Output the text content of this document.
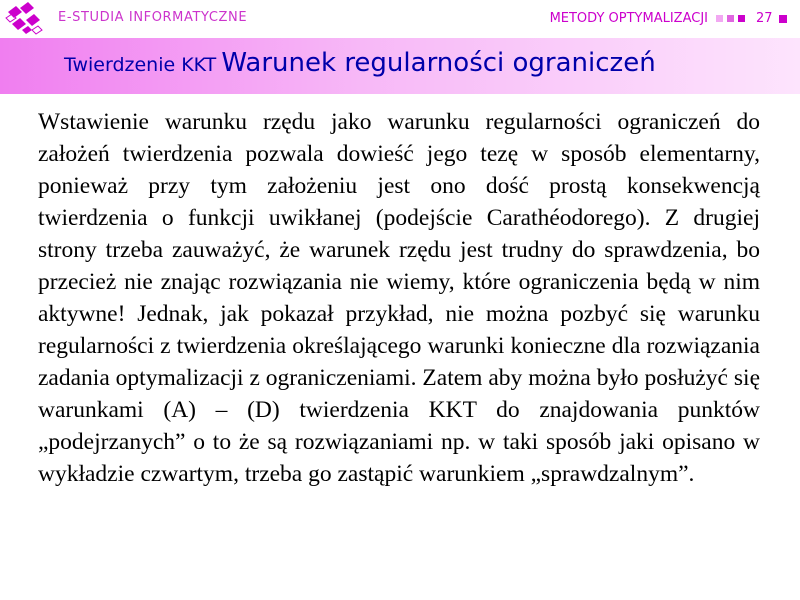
E-STUDIA INFORMATYCZNE	METODY OPTYMALIZACJI	27
Twierdzenie KKT Warunek regularności ograniczeń

Wstawienie warunku rzędu jako warunku regularności ograniczeń do założeń twierdzenia pozwala dowieść jego tezę w sposób elementarny, ponieważ przy tym założeniu jest ono dość prostą konsekwencją twierdzenia o funkcji uwikłanej (podejście Carathéodorego). Z drugiej strony trzeba zauważyć, że warunek rzędu jest trudny do sprawdzenia, bo przecież nie znając rozwiązania nie wiemy, które ograniczenia będą w nim aktywne! Jednak, jak pokazał przykład, nie można pozbyć się warunku regularności z twierdzenia określającego warunki konieczne dla rozwiązania zadania optymalizacji z ograniczeniami. Zatem aby można było posłużyć się warunkami (A) – (D) twierdzenia KKT do znajdowania punktów „podejrzanych” o to że są rozwiązaniami np. w taki sposób jaki opisano w wykładzie czwartym, trzeba go zastąpić warunkiem „sprawdzalnym”.
